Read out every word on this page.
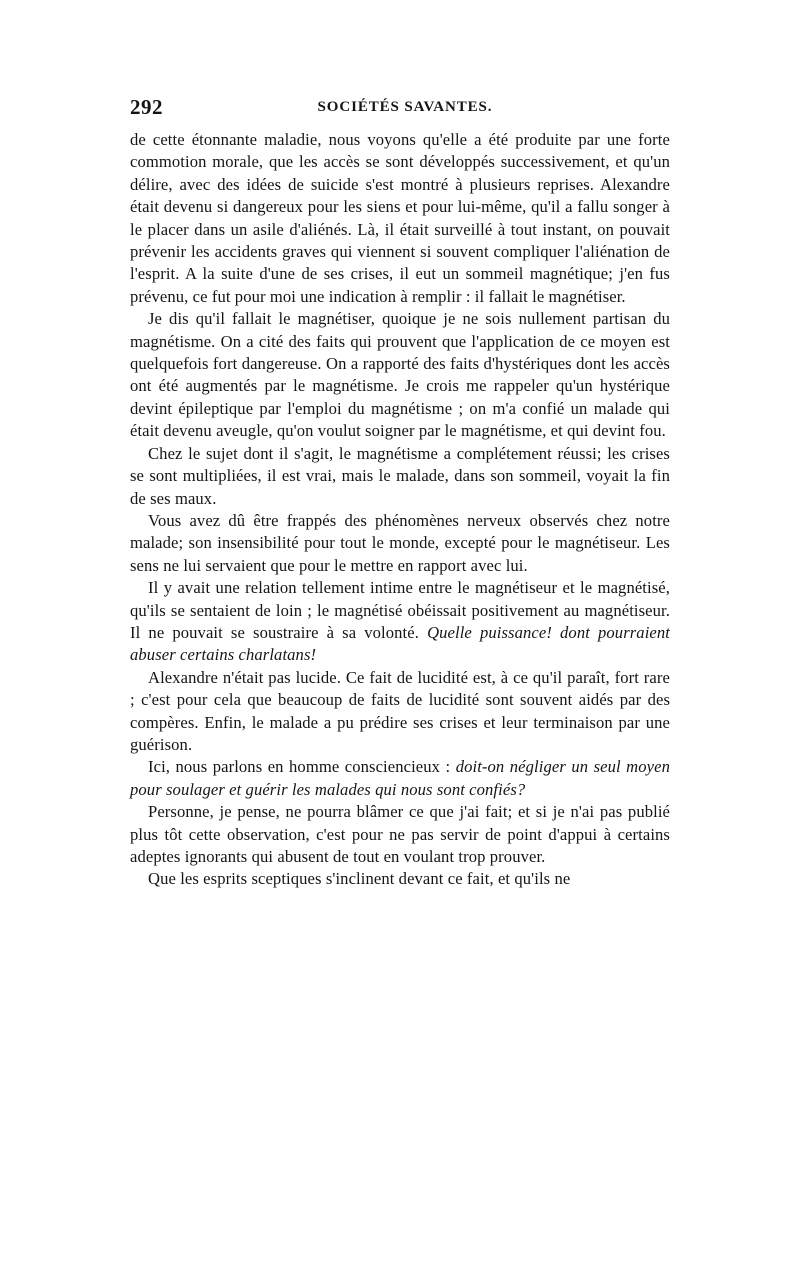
292	SOCIÉTÉS SAVANTES.

de cette étonnante maladie, nous voyons qu'elle a été produite par une forte commotion morale, que les accès se sont développés successivement, et qu'un délire, avec des idées de suicide s'est montré à plusieurs reprises. Alexandre était devenu si dangereux pour les siens et pour lui-même, qu'il a fallu songer à le placer dans un asile d'aliénés. Là, il était surveillé à tout instant, on pouvait prévenir les accidents graves qui viennent si souvent compliquer l'aliénation de l'esprit. A la suite d'une de ses crises, il eut un sommeil magnétique; j'en fus prévenu, ce fut pour moi une indication à remplir : il fallait le magnétiser.

Je dis qu'il fallait le magnétiser, quoique je ne sois nullement partisan du magnétisme. On a cité des faits qui prouvent que l'application de ce moyen est quelquefois fort dangereuse. On a rapporté des faits d'hystériques dont les accès ont été augmentés par le magnétisme. Je crois me rappeler qu'un hystérique devint épileptique par l'emploi du magnétisme ; on m'a confié un malade qui était devenu aveugle, qu'on voulut soigner par le magnétisme, et qui devint fou.

Chez le sujet dont il s'agit, le magnétisme a complétement réussi; les crises se sont multipliées, il est vrai, mais le malade, dans son sommeil, voyait la fin de ses maux.

Vous avez dû être frappés des phénomènes nerveux observés chez notre malade; son insensibilité pour tout le monde, excepté pour le magnétiseur. Les sens ne lui servaient que pour le mettre en rapport avec lui.

Il y avait une relation tellement intime entre le magnétiseur et le magnétisé, qu'ils se sentaient de loin ; le magnétisé obéissait positivement au magnétiseur. Il ne pouvait se soustraire à sa volonté. Quelle puissance! dont pourraient abuser certains charlatans!

Alexandre n'était pas lucide. Ce fait de lucidité est, à ce qu'il paraît, fort rare ; c'est pour cela que beaucoup de faits de lucidité sont souvent aidés par des compères. Enfin, le malade a pu prédire ses crises et leur terminaison par une guérison.

Ici, nous parlons en homme consciencieux : doit-on négliger un seul moyen pour soulager et guérir les malades qui nous sont confiés?

Personne, je pense, ne pourra blâmer ce que j'ai fait; et si je n'ai pas publié plus tôt cette observation, c'est pour ne pas servir de point d'appui à certains adeptes ignorants qui abusent de tout en voulant trop prouver.

Que les esprits sceptiques s'inclinent devant ce fait, et qu'ils ne
